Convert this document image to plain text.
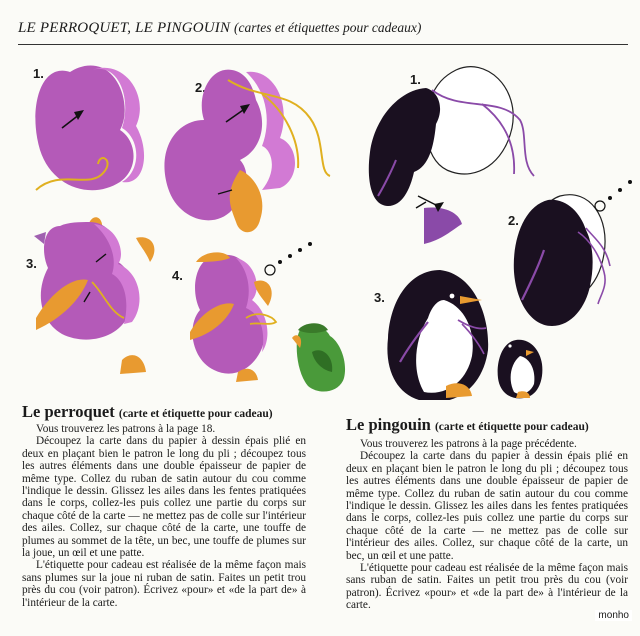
LE PERROQUET, LE PINGOUIN (cartes et étiquettes pour cadeaux)
1.
2.
3.
4.
1.
2.
3.
Le perroquet (carte et étiquette pour cadeau)

Vous trouverez les patrons à la page 18.

Découpez la carte dans du papier à dessin épais plié en deux en plaçant bien le patron le long du pli ; découpez tous les autres éléments dans une double épaisseur de papier de même type. Collez du ruban de satin autour du cou comme l'indique le dessin. Glissez les ailes dans les fentes pratiquées dans le corps, collez-les puis collez une partie du corps sur chaque côté de la carte — ne mettez pas de colle sur l'intérieur des ailes. Collez, sur chaque côté de la carte, une touffe de plumes au sommet de la tête, un bec, une touffe de plumes sur la joue, un œil et une patte.

L'étiquette pour cadeau est réalisée de la même façon mais sans plumes sur la joue ni ruban de satin. Faites un petit trou près du cou (voir patron). Écrivez «pour» et «de la part de» à l'intérieur de la carte.

Le pingouin (carte et étiquette pour cadeau)

Vous trouverez les patrons à la page précédente.

Découpez la carte dans du papier à dessin épais plié en deux en plaçant bien le patron le long du pli ; découpez tous les autres éléments dans une double épaisseur de papier de même type. Collez du ruban de satin autour du cou comme l'indique le dessin. Glissez les ailes dans les fentes pratiquées dans le corps, collez-les puis collez une partie du corps sur chaque côté de la carte — ne mettez pas de colle sur l'intérieur des ailes. Collez, sur chaque côté de la carte, un bec, un œil et une patte.

L'étiquette pour cadeau est réalisée de la même façon mais sans ruban de satin. Faites un petit trou près du cou (voir patron). Écrivez «pour» et «de la part de» à l'intérieur de la carte.

monho
